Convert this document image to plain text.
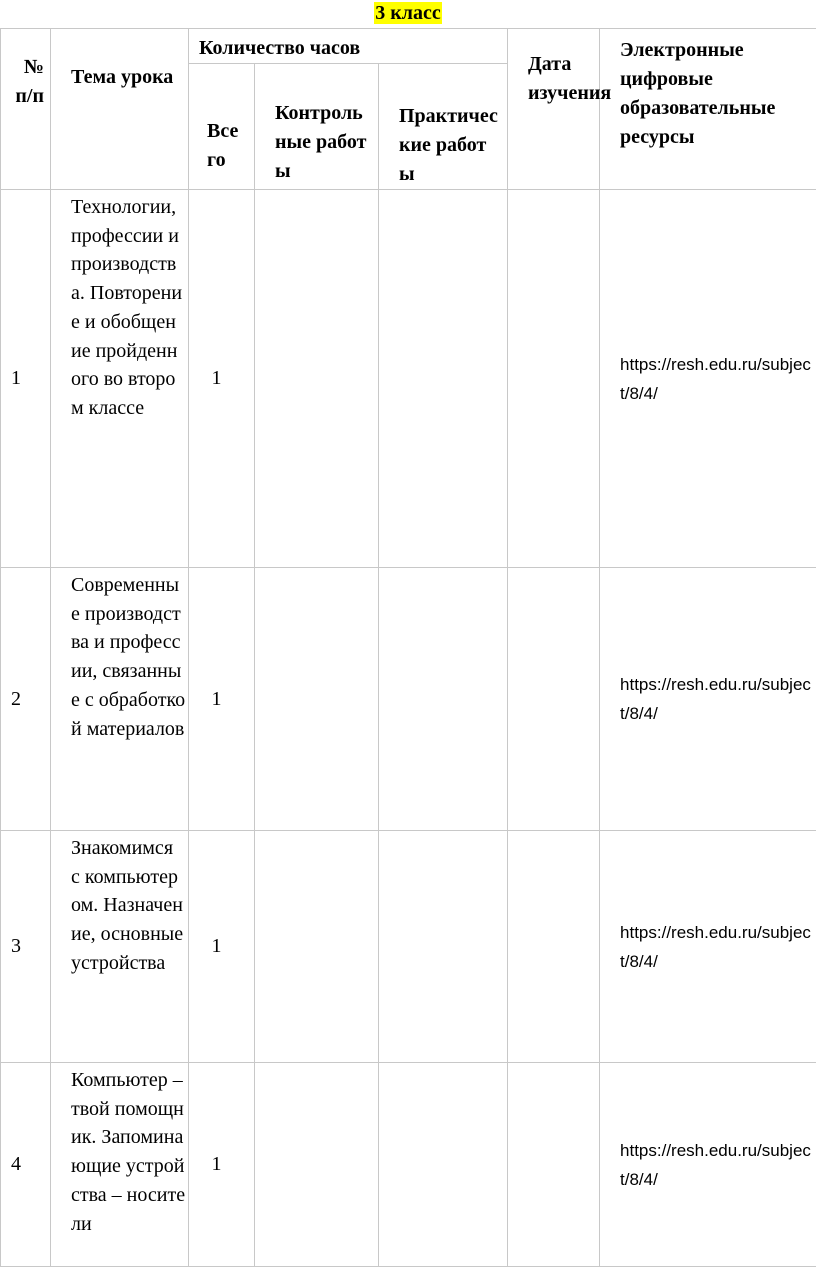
3 класс
№ п/п	Тема урока	Количество часов			Дата изучения	Электронные цифровые образовательные ресурсы
		Всего	Контрольные работы	Практические работы		
1	Технологии, профессии и производства. Повторение и обобщение пройденного во втором классе	1				https://resh.edu.ru/subject/8/4/
2	Современные производства и профессии, связанные с обработкой материалов	1				https://resh.edu.ru/subject/8/4/
3	Знакомимся с компьютером. Назначение, основные устройства	1				https://resh.edu.ru/subject/8/4/
4	Компьютер – твой помощник. Запоминающие устройства – носители	1				https://resh.edu.ru/subject/8/4/
